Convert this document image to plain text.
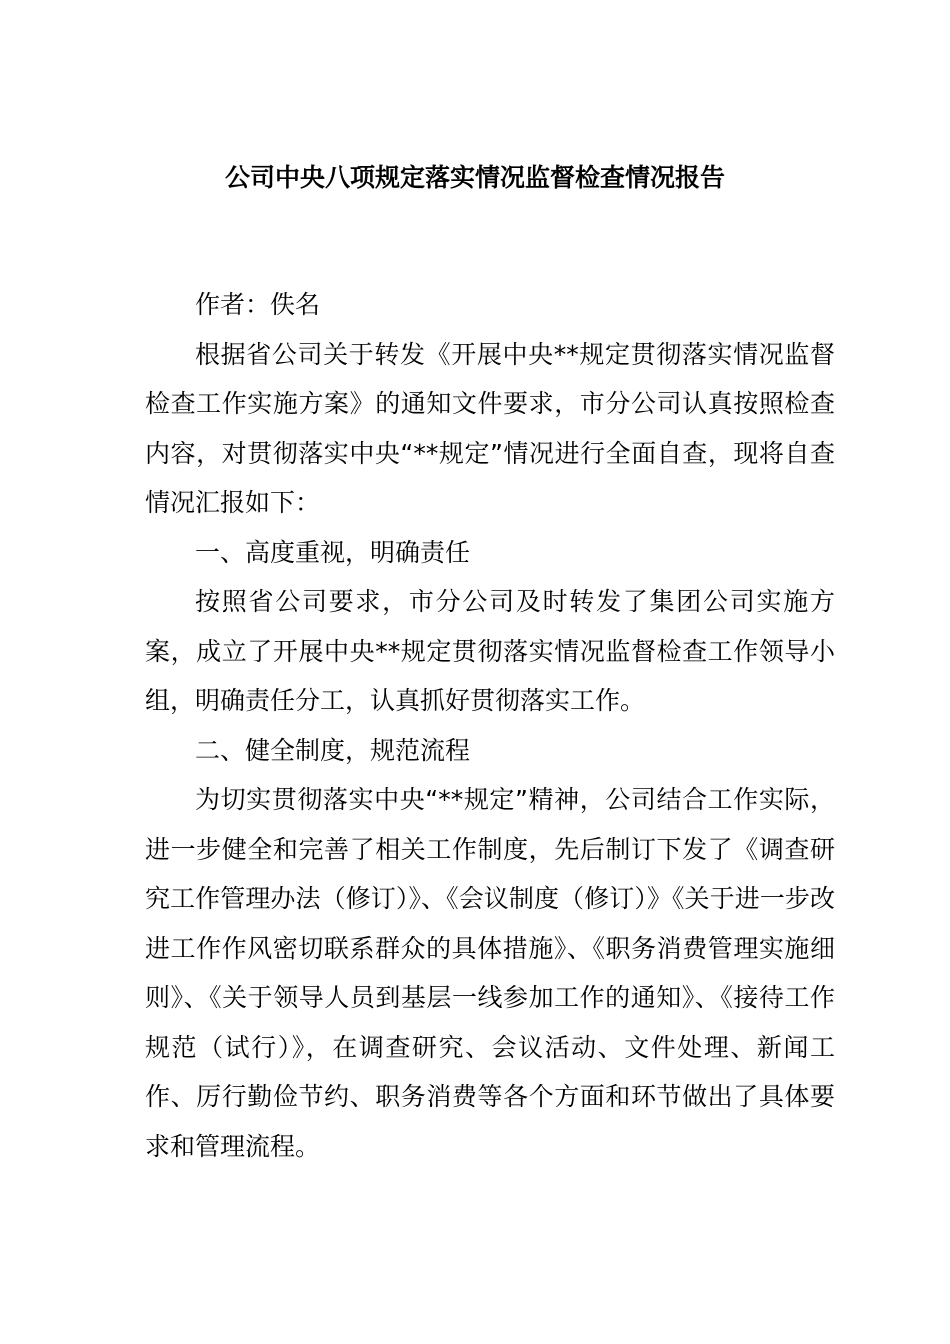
公司中央八项规定落实情况监督检查情况报告

作者：佚名

根据省公司关于转发《开展中央**规定贯彻落实情况监督检查工作实施方案》的通知文件要求，市分公司认真按照检查内容，对贯彻落实中央“**规定”情况进行全面自查，现将自查情况汇报如下：

一、高度重视，明确责任

按照省公司要求，市分公司及时转发了集团公司实施方案，成立了开展中央**规定贯彻落实情况监督检查工作领导小组，明确责任分工，认真抓好贯彻落实工作。

二、健全制度，规范流程

为切实贯彻落实中央“**规定”精神，公司结合工作实际，进一步健全和完善了相关工作制度，先后制订下发了《调查研究工作管理办法（修订）》、《会议制度（修订）》《关于进一步改进工作作风密切联系群众的具体措施》、《职务消费管理实施细则》、《关于领导人员到基层一线参加工作的通知》、《接待工作规范（试行）》，在调查研究、会议活动、文件处理、新闻工作、厉行勤俭节约、职务消费等各个方面和环节做出了具体要求和管理流程。
